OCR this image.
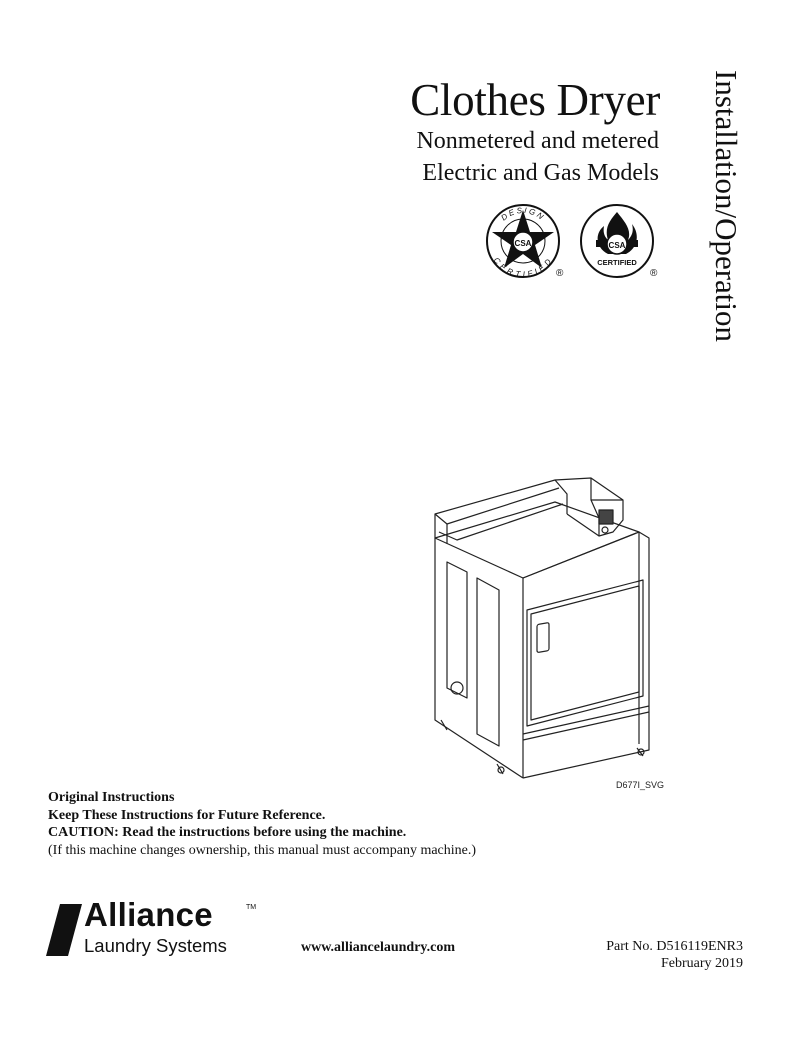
Clothes Dryer
Nonmetered and metered
Electric and Gas Models Installation/Operation
CSA
DESIGN
CERTIFIED
®
CSA
CERTIFIED
®
D677I_SVG
Original Instructions
Keep These Instructions for Future Reference.
CAUTION: Read the instructions before using the machine.
(If this machine changes ownership, this manual must accompany machine.)
Alliance	TM
Laundry Systems	www.alliancelaundry.com	Part No. D516119ENR3
February 2019
